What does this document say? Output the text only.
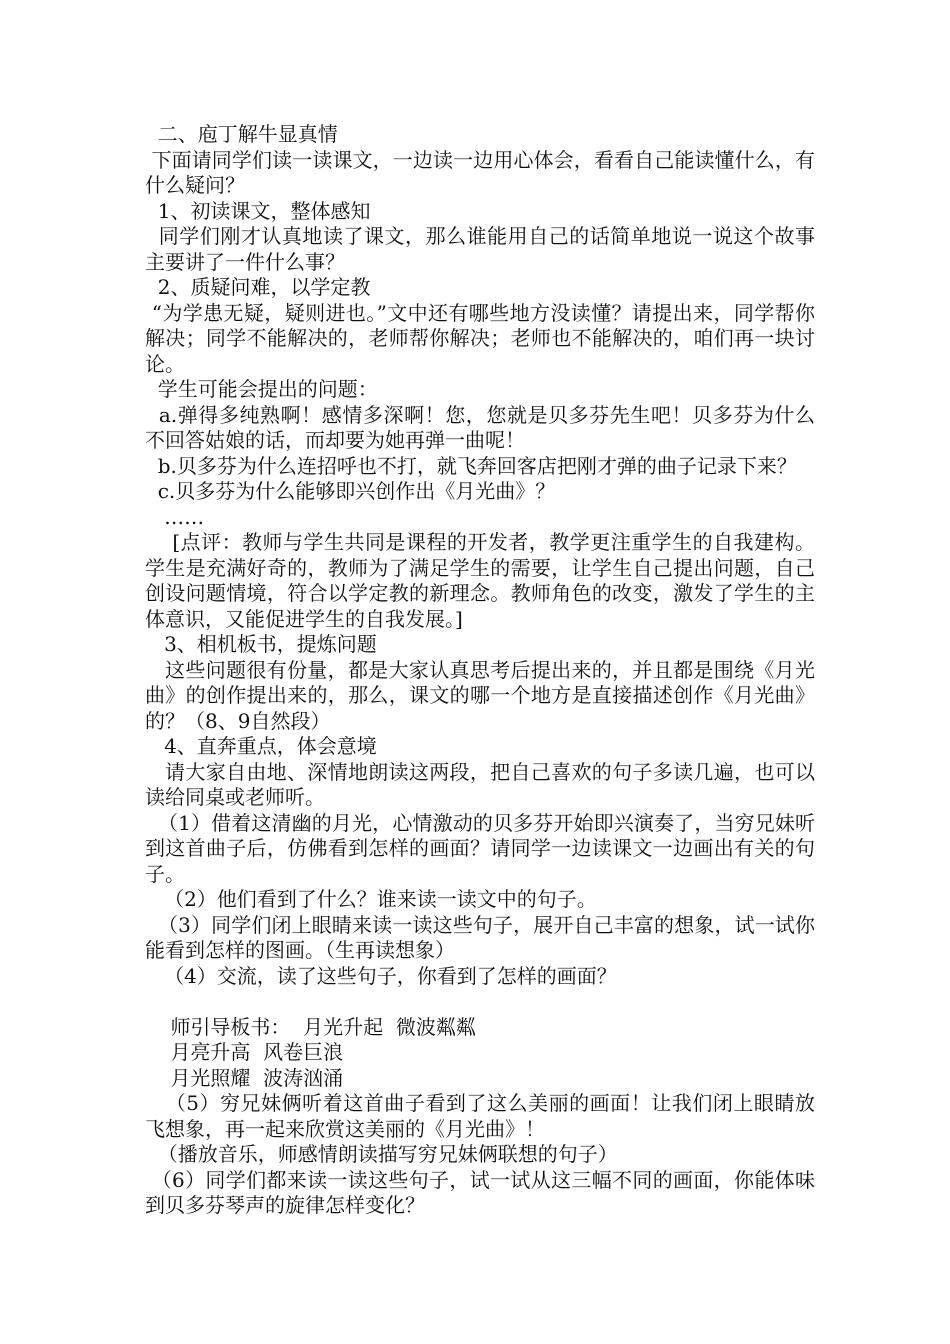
二、庖丁解牛显真情

下面请同学们读一读课文，一边读一边用心体会，看看自己能读懂什么，有什么疑问？

1、初读课文，整体感知

同学们刚才认真地读了课文，那么谁能用自己的话简单地说一说这个故事主要讲了一件什么事？

2、质疑问难，以学定教

“为学患无疑，疑则进也。”文中还有哪些地方没读懂？请提出来，同学帮你解决；同学不能解决的，老师帮你解决；老师也不能解决的，咱们再一块讨论。

学生可能会提出的问题：

a.弹得多纯熟啊！感情多深啊！您，您就是贝多芬先生吧！贝多芬为什么不回答姑娘的话，而却要为她再弹一曲呢！

b.贝多芬为什么连招呼也不打，就飞奔回客店把刚才弹的曲子记录下来？

c.贝多芬为什么能够即兴创作出《月光曲》？

……

[点评：教师与学生共同是课程的开发者，教学更注重学生的自我建构。学生是充满好奇的，教师为了满足学生的需要，让学生自己提出问题，自己创设问题情境，符合以学定教的新理念。教师角色的改变，激发了学生的主体意识，又能促进学生的自我发展。]

3、相机板书，提炼问题

这些问题很有份量，都是大家认真思考后提出来的，并且都是围绕《月光曲》的创作提出来的，那么，课文的哪一个地方是直接描述创作《月光曲》的？（8、9自然段）

4、直奔重点，体会意境

请大家自由地、深情地朗读这两段，把自己喜欢的句子多读几遍，也可以读给同桌或老师听。

（1）借着这清幽的月光，心情激动的贝多芬开始即兴演奏了，当穷兄妹听到这首曲子后，仿佛看到怎样的画面？请同学一边读课文一边画出有关的句子。

（2）他们看到了什么？谁来读一读文中的句子。

（3）同学们闭上眼睛来读一读这些句子，展开自己丰富的想象，试一试你能看到怎样的图画。（生再读想象）

（4）交流，读了这些句子，你看到了怎样的画面？

师引导板书：  月光升起  微波粼粼

月亮升高  风卷巨浪

月光照耀  波涛汹涌

（5）穷兄妹俩听着这首曲子看到了这么美丽的画面！让我们闭上眼睛放飞想象，再一起来欣赏这美丽的《月光曲》！

（播放音乐，师感情朗读描写穷兄妹俩联想的句子）

（6）同学们都来读一读这些句子，试一试从这三幅不同的画面，你能体味到贝多芬琴声的旋律怎样变化？
